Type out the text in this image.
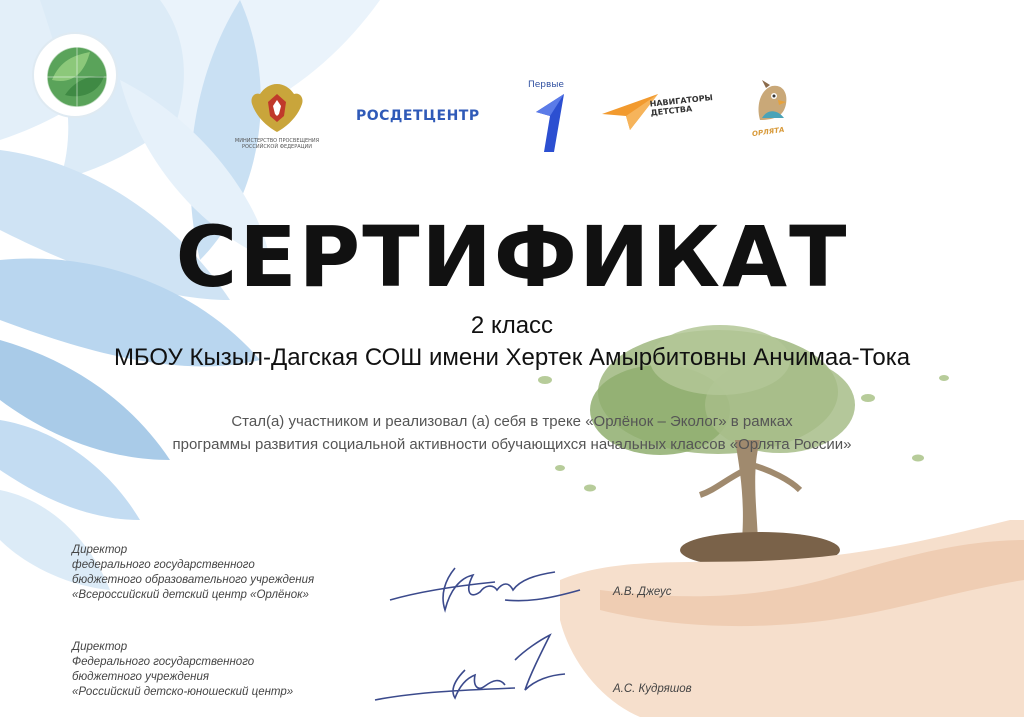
МИНИСТЕРСТВО ПРОСВЕЩЕНИЯ РОССИЙСКОЙ ФЕДЕРАЦИИ
РОСДЕТЦЕНТР
Первые
НАВИГАТОРЫ ДЕТСТВА
ОРЛЯТА
СЕРТИФИКАТ
2 класс
МБОУ Кызыл-Дагская СОШ имени Хертек Амырбитовны Анчимаа-Тока
Стал(а) участником и реализовал (а) себя в треке «Орлёнок – Эколог» в рамках
программы развития социальной активности обучающихся начальных классов «Орлята России»
Директор
федерального государственного
бюджетного образовательного учреждения
«Всероссийский детский центр «Орлёнок»	А.В. Джеус
Директор
Федерального государственного
бюджетного учреждения
«Российский детско-юношеский центр»	А.С. Кудряшов
